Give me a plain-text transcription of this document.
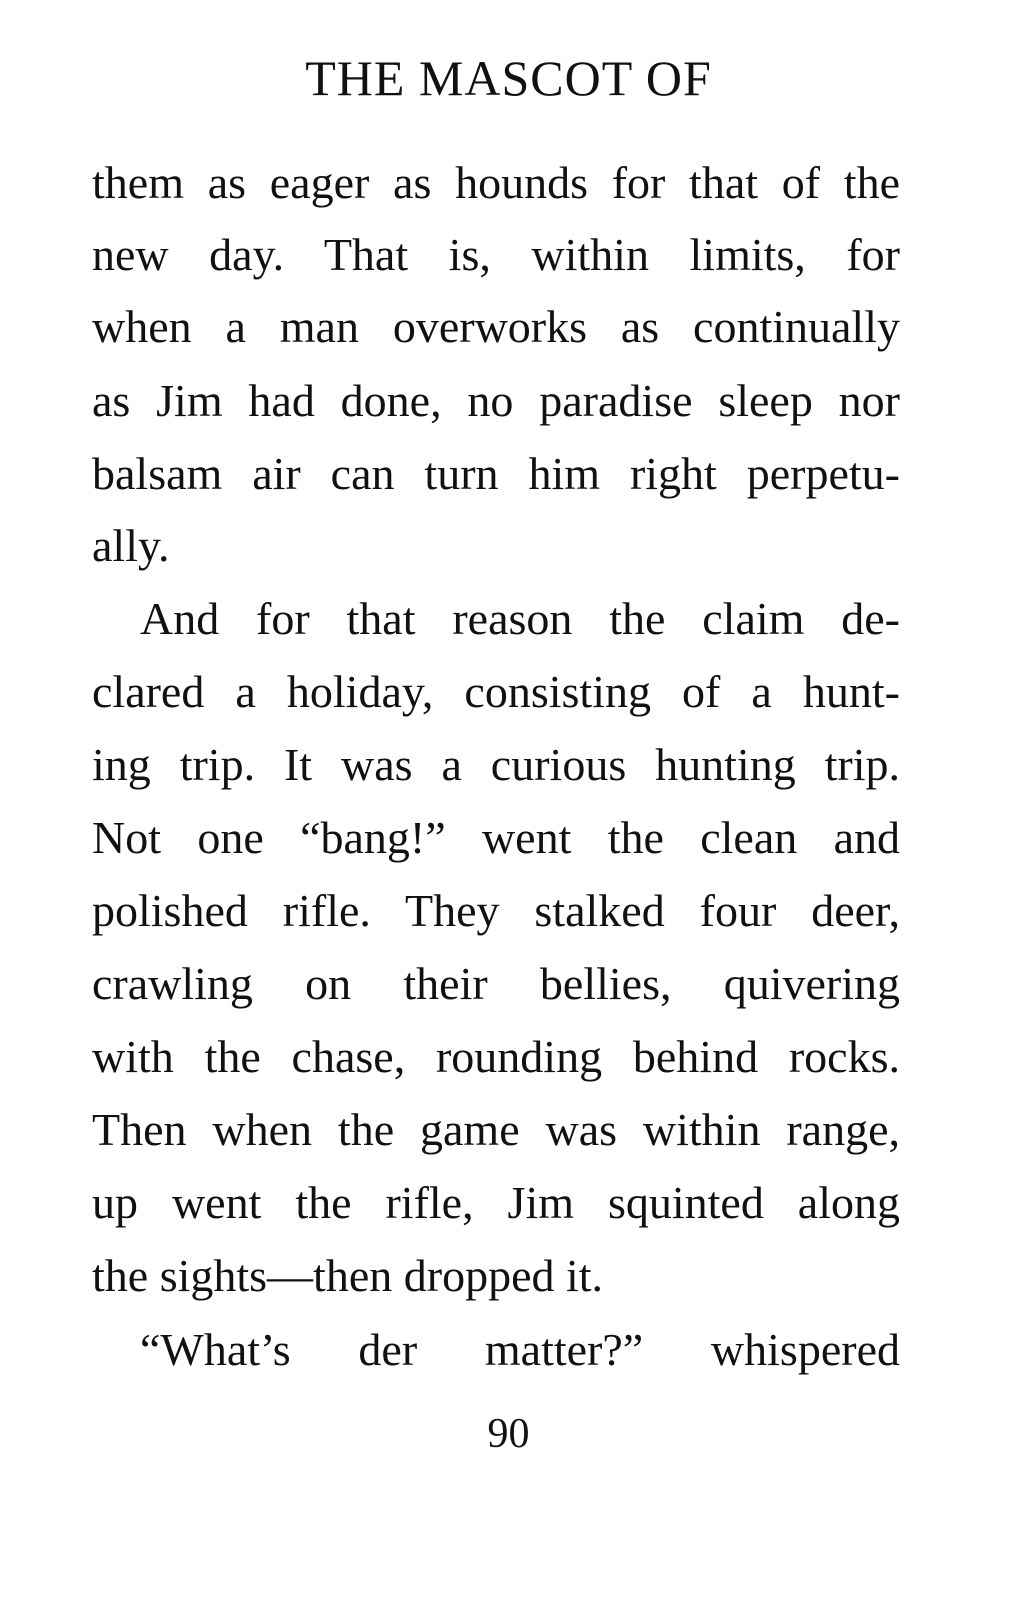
THE MASCOT OF
them as eager as hounds for that of the
new day. That is, within limits, for
when a man overworks as continually
as Jim had done, no paradise sleep nor
balsam air can turn him right perpetu-
ally.
And for that reason the claim de-
clared a holiday, consisting of a hunt-
ing trip. It was a curious hunting trip.
Not one “bang!” went the clean and
polished rifle. They stalked four deer,
crawling on their bellies, quivering
with the chase, rounding behind rocks.
Then when the game was within range,
up went the rifle, Jim squinted along
the sights—then dropped it.
“What’s der matter?” whispered
90
